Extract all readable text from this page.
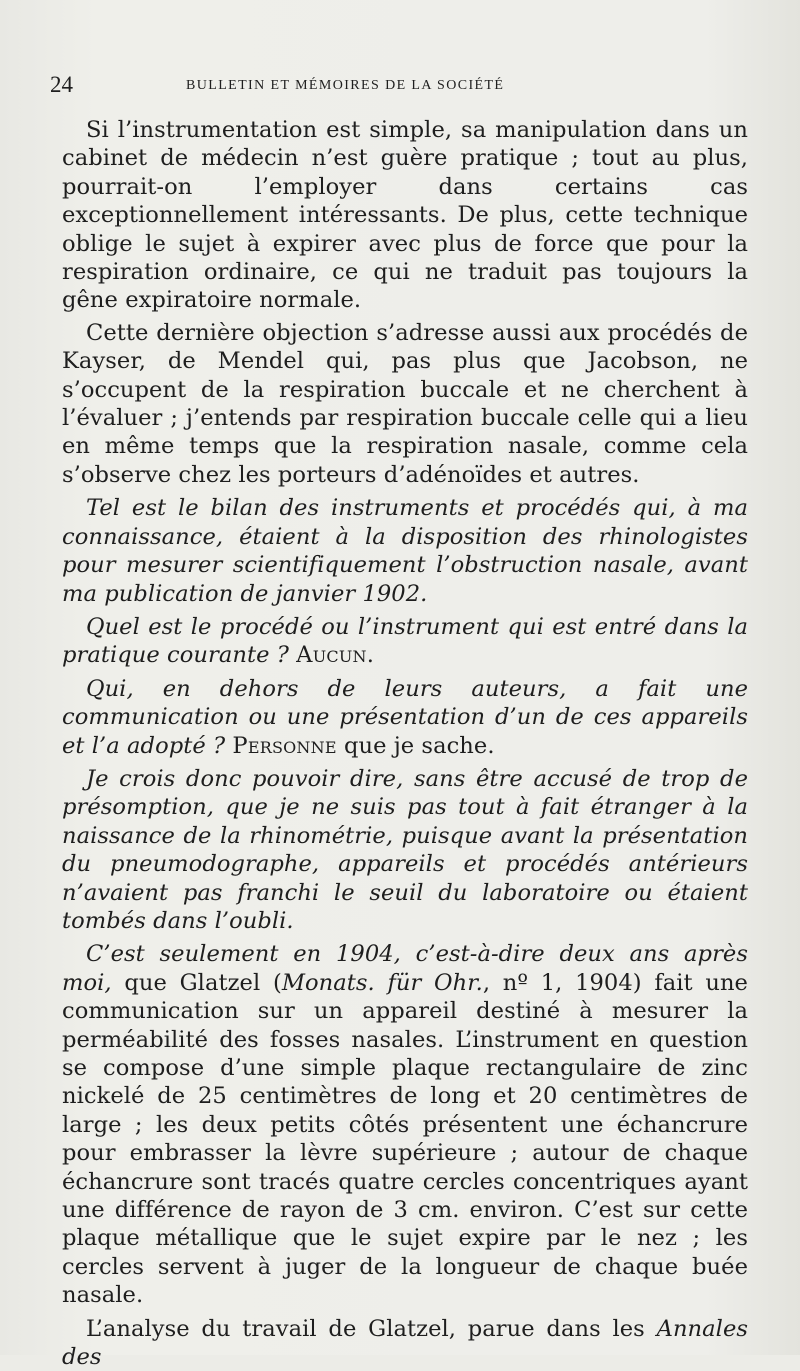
24	BULLETIN ET MÉMOIRES DE LA SOCIÉTÉ

Si l’instrumentation est simple, sa manipulation dans un cabinet de médecin n’est guère pratique ; tout au plus, pourrait-on l’employer dans certains cas exceptionnellement intéressants. De plus, cette technique oblige le sujet à expirer avec plus de force que pour la respiration ordinaire, ce qui ne traduit pas toujours la gêne expiratoire normale.

Cette dernière objection s’adresse aussi aux procédés de Kayser, de Mendel qui, pas plus que Jacobson, ne s’occupent de la respiration buccale et ne cherchent à l’évaluer ; j’entends par respiration buccale celle qui a lieu en même temps que la respiration nasale, comme cela s’observe chez les porteurs d’adénoïdes et autres.

Tel est le bilan des instruments et procédés qui, à ma connaissance, étaient à la disposition des rhinologistes pour mesurer scientifiquement l’obstruction nasale, avant ma publication de janvier 1902.

Quel est le procédé ou l’instrument qui est entré dans la pratique courante ? Aucun.

Qui, en dehors de leurs auteurs, a fait une communication ou une présentation d’un de ces appareils et l’a adopté ? Personne que je sache.

Je crois donc pouvoir dire, sans être accusé de trop de présomption, que je ne suis pas tout à fait étranger à la naissance de la rhinométrie, puisque avant la présentation du pneumodographe, appareils et procédés antérieurs n’avaient pas franchi le seuil du laboratoire ou étaient tombés dans l’oubli.

C’est seulement en 1904, c’est-à-dire deux ans après moi, que Glatzel (Monats. für Ohr., nº 1, 1904) fait une communication sur un appareil destiné à mesurer la perméabilité des fosses nasales. L’instrument en question se compose d’une simple plaque rectangulaire de zinc nickelé de 25 centimètres de long et 20 centimètres de large ; les deux petits côtés présentent une échancrure pour embrasser la lèvre supérieure ; autour de chaque échancrure sont tracés quatre cercles concentriques ayant une différence de rayon de 3 cm. environ. C’est sur cette plaque métallique que le sujet expire par le nez ; les cercles servent à juger de la longueur de chaque buée nasale.

L’analyse du travail de Glatzel, parue dans les Annales des
